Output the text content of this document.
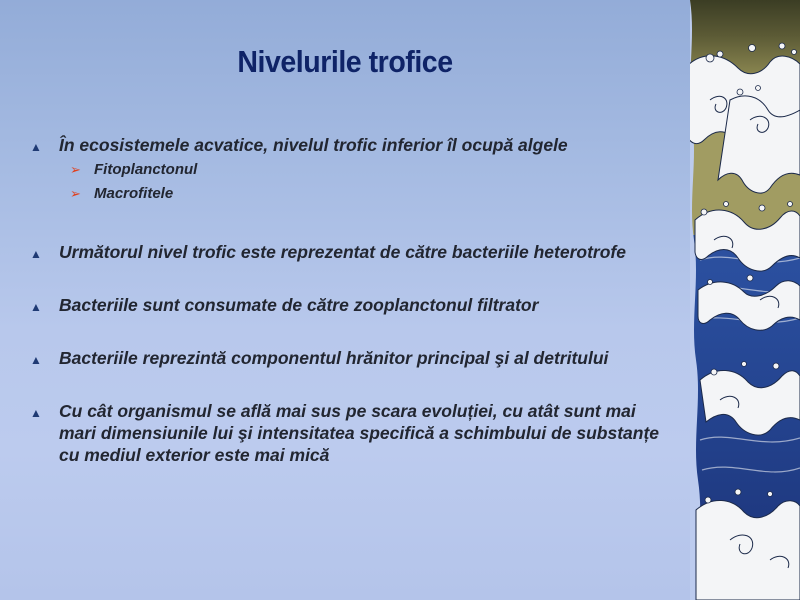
Nivelurile trofice
▲ În ecosistemele acvatice, nivelul trofic inferior îl ocupă algele
➢ Fitoplanctonul
➢ Macrofitele
▲ Următorul nivel trofic este reprezentat de către bacteriile heterotrofe
▲ Bacteriile sunt consumate de către zooplanctonul filtrator
▲ Bacteriile reprezintă componentul hrănitor principal şi al detritului
▲ Cu cât organismul se află mai sus pe scara evoluției, cu atât sunt mai mari dimensiunile lui şi intensitatea specifică a schimbului de substanțe cu mediul exterior este mai mică
